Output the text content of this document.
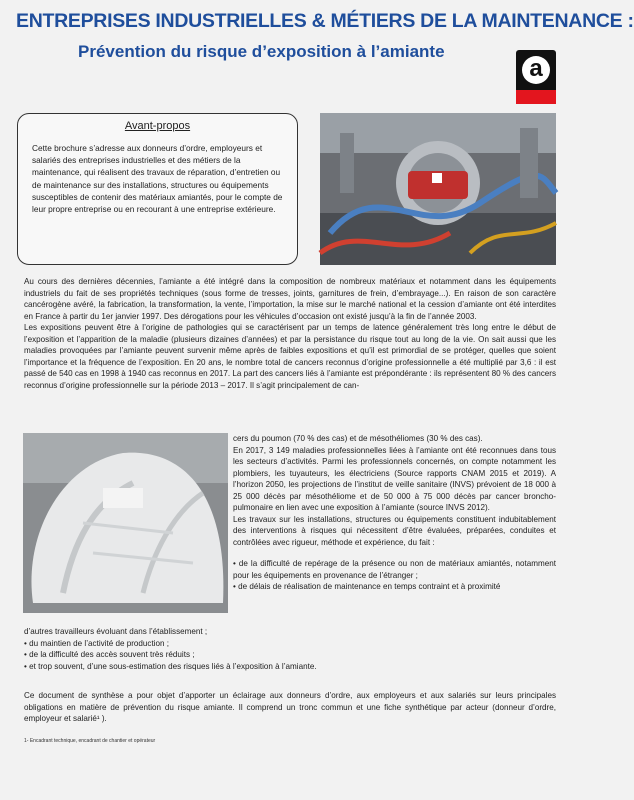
ENTREPRISES INDUSTRIELLES & MÉTIERS DE LA MAINTENANCE :
Prévention du risque d’exposition à l’amiante
a
Avant-propos

Cette brochure s’adresse aux donneurs d’ordre, employeurs et salariés des entreprises industrielles et des métiers de la maintenance, qui réalisent des travaux de réparation, d’entretien ou de maintenance sur des installations, structures ou équipements susceptibles de contenir des matériaux amiantés, pour le compte de leur propre entreprise ou en recourant à une entreprise extérieure.

Au cours des dernières décennies, l’amiante a été intégré dans la composition de nombreux matériaux et notamment dans les équipements industriels du fait de ses propriétés techniques (sous forme de tresses, joints, garnitures de frein, d’embrayage...). En raison de son caractère cancérogène avéré, la fabrication, la transformation, la vente, l’importation, la mise sur le marché national et la cession d’amiante ont été interdites en France à partir du 1er janvier 1997. Des dérogations pour les véhicules d’occasion ont existé jusqu’à la fin de l’année 2003.

Les expositions peuvent être à l’origine de pathologies qui se caractérisent par un temps de latence généralement très long entre le début de l’exposition et l’apparition de la maladie (plusieurs dizaines d’années) et par la persistance du risque tout au long de la vie. On sait aussi que les maladies provoquées par l’amiante peuvent survenir même après de faibles expositions et qu’il est primordial de se protéger, quelles que soient l’importance et la fréquence de l’exposition. En 20 ans, le nombre total de cancers reconnus d’origine professionnelle a été multiplié par 3,6 : il est passé de 540 cas en 1998 à 1940 cas reconnus en 2017. La part des cancers liés à l’amiante est prépondérante : ils représentent 80 % des cancers reconnus d’origine professionnelle sur la période 2013 – 2017. Il s’agit principalement de can-

cers du poumon (70 % des cas) et de mésothéliomes (30 % des cas).

En 2017, 3 149 maladies professionnelles liées à l’amiante ont été reconnues dans tous les secteurs d’activités. Parmi les professionnels concernés, on compte notamment les plombiers, les tuyauteurs, les électriciens (Source rapports CNAM 2015 et 2019). A l’horizon 2050, les projections de l’institut de veille sanitaire (INVS) prévoient de 18 000 à 25 000 décès par mésothéliome et de 50 000 à 75 000 décès par cancer broncho-pulmonaire en lien avec une exposition à l’amiante (source INVS 2012).

Les travaux sur les installations, structures ou équipements constituent indubitablement des interventions à risques qui nécessitent d’être évaluées, préparées, conduites et contrôlées avec rigueur, méthode et expérience, du fait :

• de la difficulté de repérage de la présence ou non de matériaux amiantés, notamment pour les équipements en provenance de l’étranger ;

• de délais de réalisation de maintenance en temps contraint et à proximité

d’autres travailleurs évoluant dans l’établissement ;

• du maintien de l’activité de production ;

• de la difficulté des accès souvent très réduits ;

• et trop souvent, d’une sous-estimation des risques liés à l’exposition à l’amiante.

Ce document de synthèse a pour objet d’apporter un éclairage aux donneurs d’ordre, aux employeurs et aux salariés sur leurs principales obligations en matière de prévention du risque amiante. Il comprend un tronc commun et une fiche synthétique par acteur (donneur d’ordre, employeur et salarié¹ ).

1- Encadrant technique, encadrant de chantier et opérateur
